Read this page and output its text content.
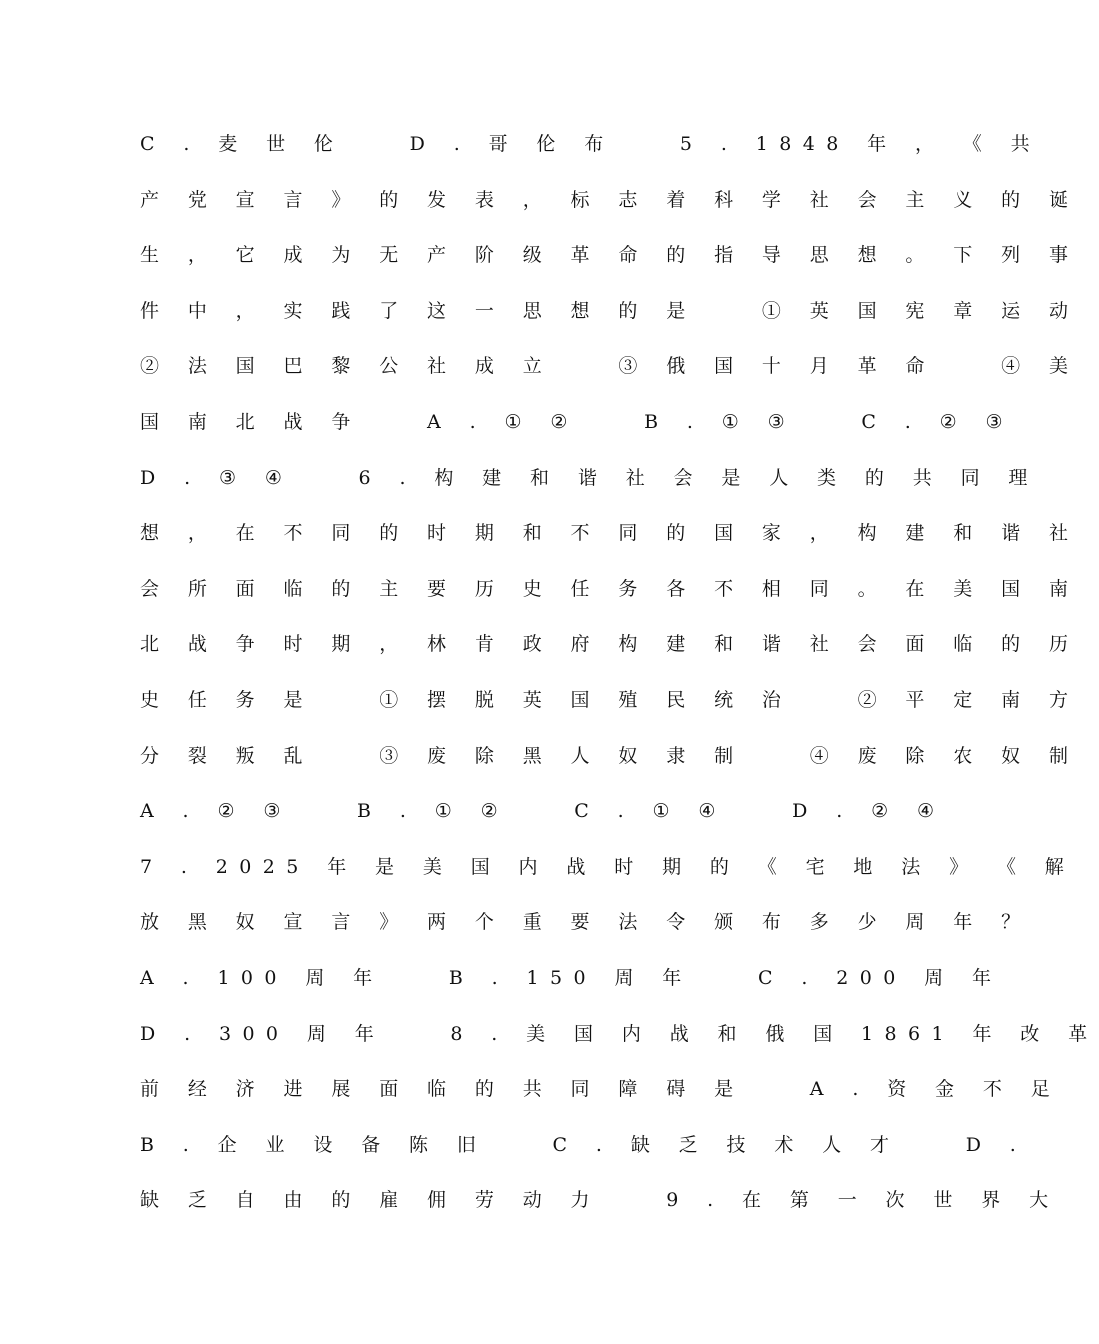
C . 麦 世 伦 　 D . 哥 伦 布 　 5 . 1848 年 ， 《 共
产 党 宣 言 》 的 发 表 ， 标 志 着 科 学 社 会 主 义 的 诞
生 ， 它 成 为 无 产 阶 级 革 命 的 指 导 思 想 。 下 列 事
件 中 ， 实 践 了 这 一 思 想 的 是 　 ① 英 国 宪 章 运 动
② 法 国 巴 黎 公 社 成 立 　 ③ 俄 国 十 月 革 命 　 ④ 美
国 南 北 战 争 　 A . ① ② 　 B . ① ③ 　 C . ② ③
D . ③ ④ 　 6 . 构 建 和 谐 社 会 是 人 类 的 共 同 理
想 ， 在 不 同 的 时 期 和 不 同 的 国 家 ， 构 建 和 谐 社
会 所 面 临 的 主 要 历 史 任 务 各 不 相 同 。 在 美 国 南
北 战 争 时 期 ， 林 肯 政 府 构 建 和 谐 社 会 面 临 的 历
史 任 务 是 　 ① 摆 脱 英 国 殖 民 统 治 　 ② 平 定 南 方
分 裂 叛 乱 　 ③ 废 除 黑 人 奴 隶 制 　 ④ 废 除 农 奴 制
A . ② ③ 　 B . ① ② 　 C . ① ④ 　 D . ② ④
7 . 2025 年 是 美 国 内 战 时 期 的 《 宅 地 法 》 《 解
放 黑 奴 宣 言 》 两 个 重 要 法 令 颁 布 多 少 周 年 ？
A . 100 周 年 　 B . 150 周 年 　 C . 200 周 年
D . 300 周 年 　 8 . 美 国 内 战 和 俄 国 1861 年 改 革
前 经 济 进 展 面 临 的 共 同 障 碍 是 　 A . 资 金 不 足
B . 企 业 设 备 陈 旧 　 C . 缺 乏 技 术 人 才 　 D .
缺 乏 自 由 的 雇 佣 劳 动 力 　 9 . 在 第 一 次 世 界 大
